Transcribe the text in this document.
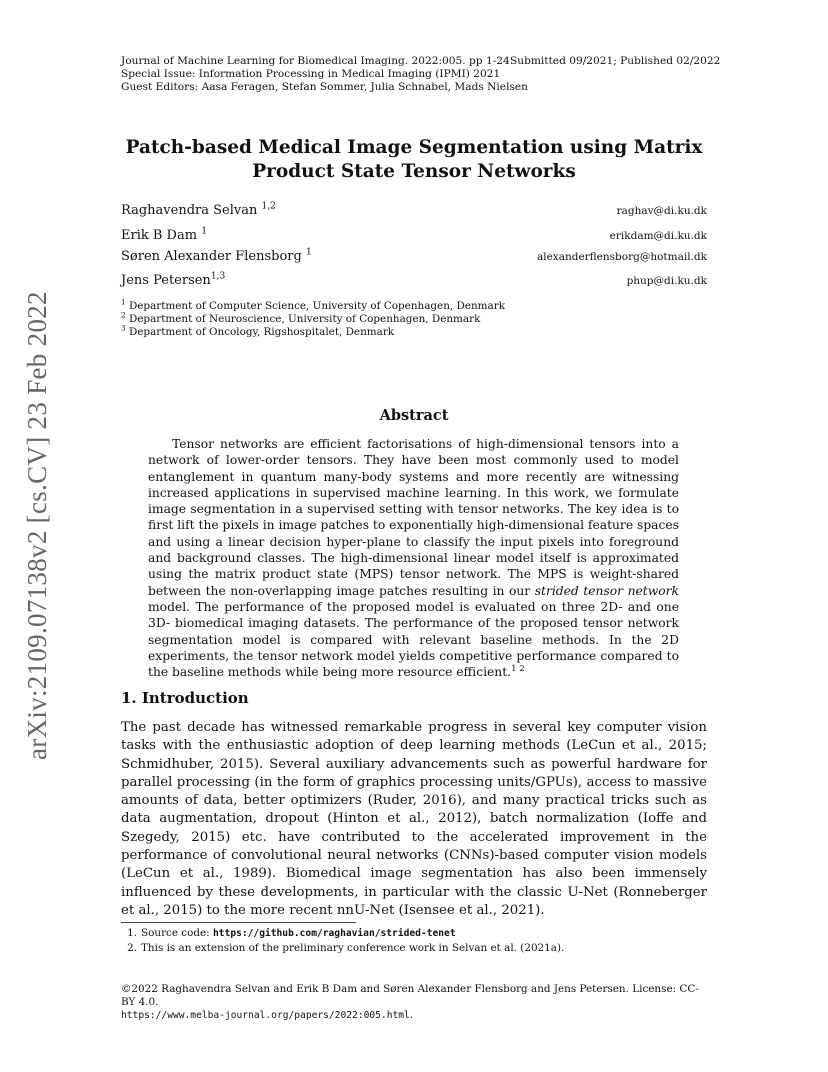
Journal of Machine Learning for Biomedical Imaging. 2022:005. pp 1-24 Submitted 09/2021; Published 02/2022
Special Issue: Information Processing in Medical Imaging (IPMI) 2021
Guest Editors: Aasa Feragen, Stefan Sommer, Julia Schnabel, Mads Nielsen
Patch-based Medical Image Segmentation using Matrix
Product State Tensor Networks
Raghavendra Selvan $^{1,2}$	raghav@di.ku.dk
Erik B Dam $^1$	erikdam@di.ku.dk
Søren Alexander Flensborg $^1$	alexanderflensborg@hotmail.dk
Jens Petersen$^{1,3}$	phup@di.ku.dk
$^1$ Department of Computer Science, University of Copenhagen, Denmark
$^2$ Department of Neuroscience, University of Copenhagen, Denmark
$^3$ Department of Oncology, Rigshospitalet, Denmark
Abstract
Tensor networks are efficient factorisations of high-dimensional tensors into a network of lower-order tensors. They have been most commonly used to model entanglement in quantum many-body systems and more recently are witnessing increased applications in supervised machine learning. In this work, we formulate image segmentation in a supervised setting with tensor networks. The key idea is to first lift the pixels in image patches to exponentially high-dimensional feature spaces and using a linear decision hyper-plane to classify the input pixels into foreground and background classes. The high-dimensional linear model itself is approximated using the matrix product state (MPS) tensor network. The MPS is weight-shared between the non-overlapping image patches resulting in our strided tensor network model. The performance of the proposed model is evaluated on three 2D- and one 3D- biomedical imaging datasets. The performance of the proposed tensor network segmentation model is compared with relevant baseline methods. In the 2D experiments, the tensor network model yields competitive performance compared to the baseline methods while being more resource efficient.$^{1 2}$
1. Introduction
The past decade has witnessed remarkable progress in several key computer vision tasks with the enthusiastic adoption of deep learning methods (LeCun et al., 2015; Schmidhuber, 2015). Several auxiliary advancements such as powerful hardware for parallel processing (in the form of graphics processing units/GPUs), access to massive amounts of data, better optimizers (Ruder, 2016), and many practical tricks such as data augmentation, dropout (Hinton et al., 2012), batch normalization (Ioffe and Szegedy, 2015) etc. have contributed to the accelerated improvement in the performance of convolutional neural networks (CNNs)-based computer vision models (LeCun et al., 1989). Biomedical image segmentation has also been immensely influenced by these developments, in particular with the classic U-Net (Ronneberger et al., 2015) to the more recent nnU-Net (Isensee et al., 2021).
1. Source code: https://github.com/raghavian/strided-tenet
2. This is an extension of the preliminary conference work in Selvan et al. (2021a).
©2022 Raghavendra Selvan and Erik B Dam and Søren Alexander Flensborg and Jens Petersen. License: CC-BY 4.0.
https://www.melba-journal.org/papers/2022:005.html.
arXiv:2109.07138v2 [cs.CV] 23 Feb 2022
